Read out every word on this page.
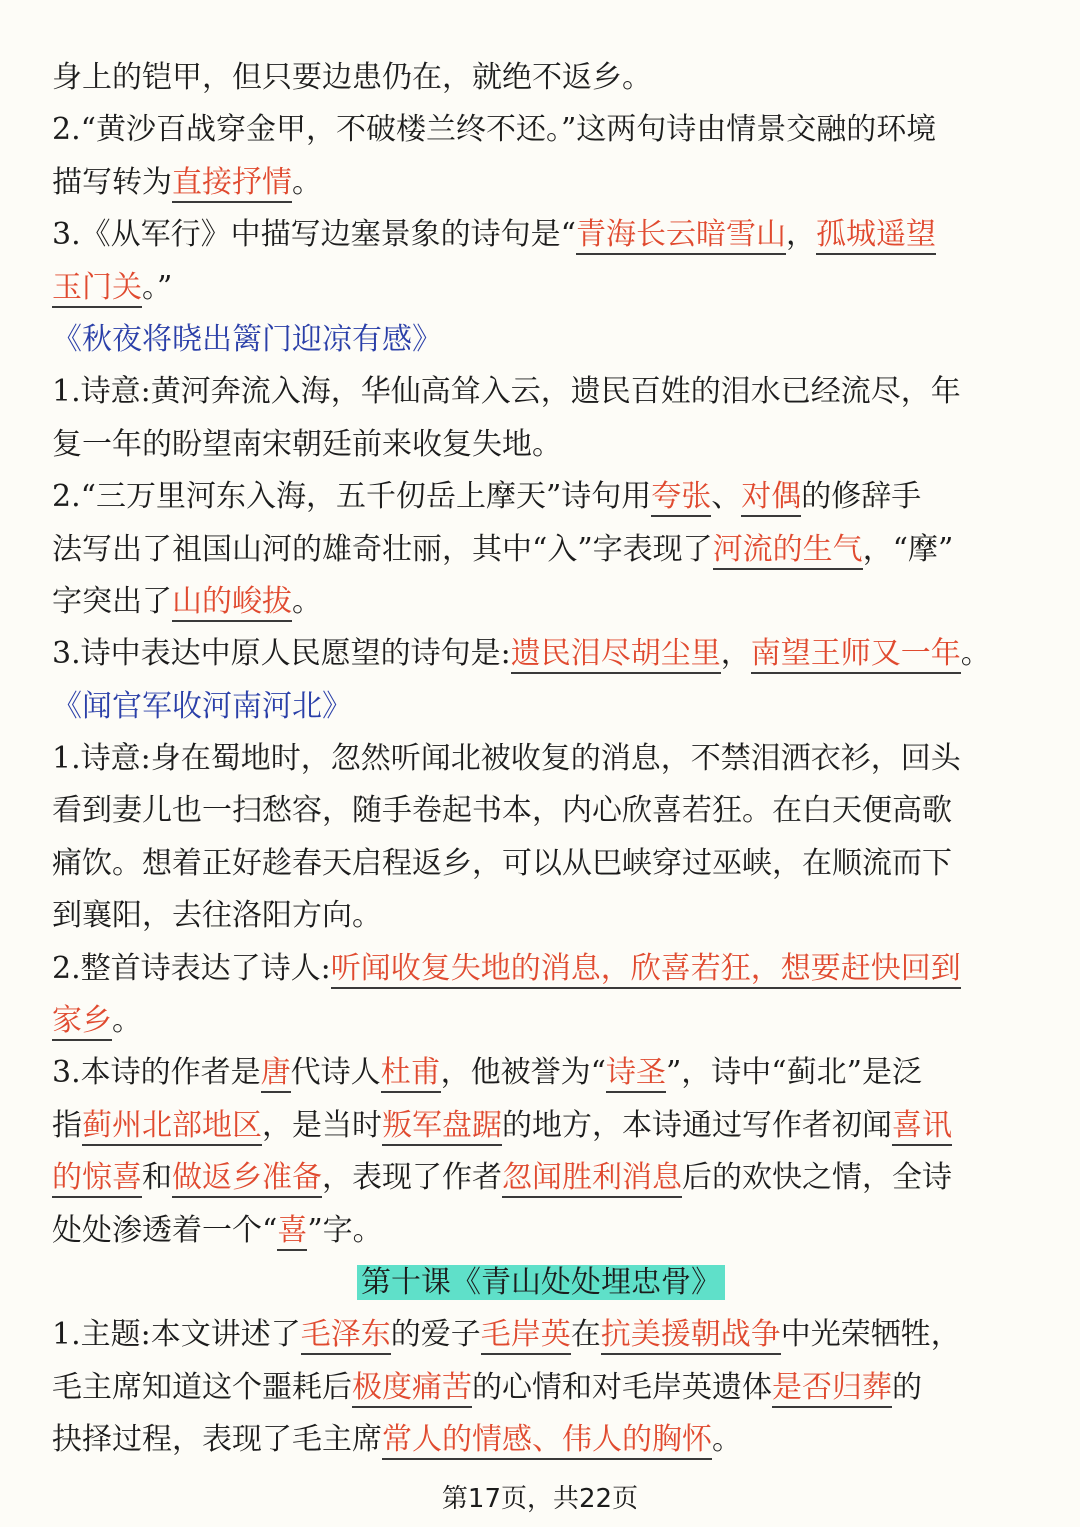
身上的铠甲，但只要边患仍在，就绝不返乡。
2.“黄沙百战穿金甲，不破楼兰终不还。”这两句诗由情景交融的环境
描写转为直接抒情。
3.《从军行》中描写边塞景象的诗句是“青海长云暗雪山，孤城遥望
玉门关。”
《秋夜将晓出篱门迎凉有感》
1.诗意:黄河奔流入海，华仙高耸入云，遗民百姓的泪水已经流尽，年
复一年的盼望南宋朝廷前来收复失地。
2.“三万里河东入海，五千仞岳上摩天”诗句用夸张、对偶的修辞手
法写出了祖国山河的雄奇壮丽，其中“入”字表现了河流的生气，“摩”
字突出了山的峻拔。
3.诗中表达中原人民愿望的诗句是:遗民泪尽胡尘里，南望王师又一年。
《闻官军收河南河北》
1.诗意:身在蜀地时，忽然听闻北被收复的消息，不禁泪洒衣衫，回头
看到妻儿也一扫愁容，随手卷起书本，内心欣喜若狂。在白天便高歌
痛饮。想着正好趁春天启程返乡，可以从巴峡穿过巫峡，在顺流而下
到襄阳，去往洛阳方向。
2.整首诗表达了诗人:听闻收复失地的消息，欣喜若狂，想要赶快回到
家乡。
3.本诗的作者是唐代诗人杜甫，他被誉为“诗圣”，诗中“蓟北”是泛
指蓟州北部地区，是当时叛军盘踞的地方，本诗通过写作者初闻喜讯
的惊喜和做返乡准备，表现了作者忽闻胜利消息后的欢快之情，全诗
处处渗透着一个“喜”字。
第十课《青山处处埋忠骨》
1.主题:本文讲述了毛泽东的爱子毛岸英在抗美援朝战争中光荣牺牲，
毛主席知道这个噩耗后极度痛苦的心情和对毛岸英遗体是否归葬的
抉择过程，表现了毛主席常人的情感、伟人的胸怀。
第17页，共22页
